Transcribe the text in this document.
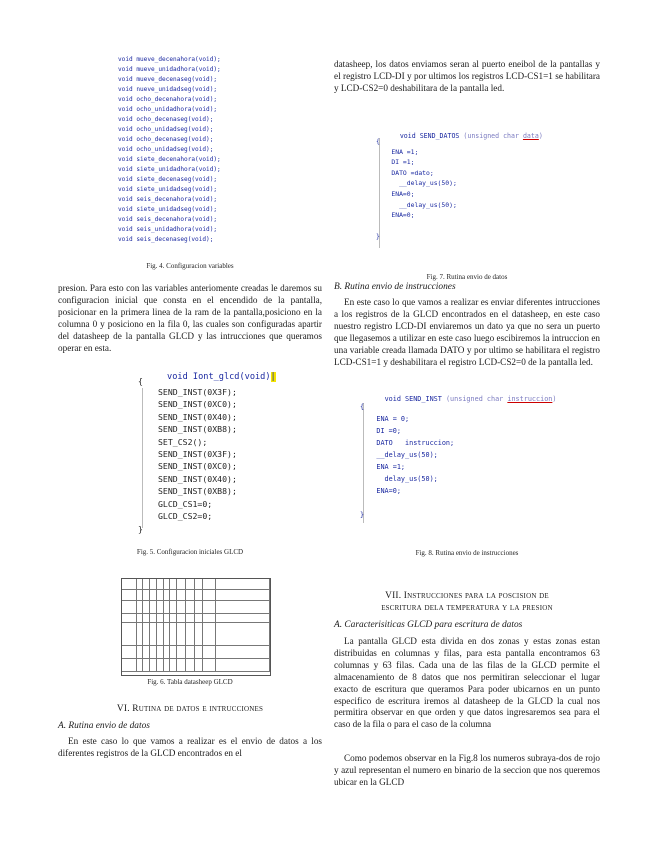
void mueve_decenahora(void);
void mueve_unidadhora(void);
void mueve_decenaseg(void);
void nueve_unidadseg(void);
void ocho_decenahora(void);
void ocho_unidadhora(void);
void ocho_decenaseg(void);
void ocho_unidadseg(void);
void ocho_decenaseg(void);
void ocho_unidadseg(void);
void siete_decenahora(void);
void siete_unidadhora(void);
void siete_decenaseg(void);
void siete_unidadseg(void);
void seis_decenahora(void);
void siete_unidadseg(void);
void seis_decenahora(void);
void seis_unidadhora(void);
void seis_decenaseg(void);

Fig. 4. Configuracion variables

presion. Para esto con las variables anteriomente creadas le daremos su configuracion inicial que consta en el encendido de la pantalla, posicionar en la primera linea de la ram de la pantalla,posiciono en la columna 0 y posiciono en la fila 0, las cuales son configuradas apartir del datasheep de la pantalla GLCD y las intrucciones que queramos operar en esta.

void Iont_glcd(void)​|

{
SEND_INST(0X3F);
SEND_INST(0XC0);
SEND_INST(0X40);
SEND_INST(0XB8);
SET_CS2();
SEND_INST(0X3F);
SEND_INST(0XC0);
SEND_INST(0X40);
SEND_INST(0XB8);
GLCD_CS1=0;
GLCD_CS2=0;
}

Fig. 5. Configuracion iniciales GLCD

Fig. 6. Tabla datasheep GLCD

VI. Rutina de datos e intrucciones

A. Rutina envio de datos

En este caso lo que vamos a realizar es el envio de datos a los diferentes registros de la GLCD encontrados en el

datasheep, los datos enviamos seran al puerto eneibol de la pantallas y el registro LCD-DI y por ultimos los registros LCD-CS1=1 se habilitara y LCD-CS2=0 deshabilitara de la pantalla led.

void SEND_DATOS (unsigned char data)

{
ENA =1;
DI =1;
DATO =dato;
__delay_us(50);
ENA=0;
__delay_us(50);
ENA=0;

}

Fig. 7. Rutina envio de datos

B. Rutina envio de instrucciones

En este caso lo que vamos a realizar es enviar diferentes intrucciones a los registros de la GLCD encontrados en el datasheep, en este caso nuestro registro LCD-DI enviaremos un dato ya que no sera un puerto que llegasemos a utilizar en este caso luego escibiremos la intruccion en una variable creada llamada DATO y por ultimo se habilitara el registro LCD-CS1=1 y deshabilitara el registro LCD-CS2=0 de la pantalla led.

void SEND_INST (unsigned char instruccion)

{
ENA = 0;
DI =0;
DATO   instruccion;
__delay_us(50);
ENA =1;
delay_us(50);
ENA=0;

}

Fig. 8. Rutina envio de instrucciones

VII. Instrucciones para la poscision de

escritura dela temperatura y la presion

A. Caracterisiticas GLCD para escritura de datos

La pantalla GLCD esta divida en dos zonas y estas zonas estan distribuidas en columnas y filas, para esta pantalla encontramos 63 columnas y 63 filas. Cada una de las filas de la GLCD permite el almacenamiento de 8 datos que nos permitiran seleccionar el lugar exacto de escritura que queramos Para poder ubicarnos en un punto especifico de escritura iremos al datasheep de la GLCD la cual nos permitira observar en que orden y que datos ingresaremos sea para el caso de la fila o para el caso de la columna

Como podemos observar en la Fig.8 los numeros subraya-dos de rojo y azul representan el numero en binario de la seccion que nos queremos ubicar en la GLCD
